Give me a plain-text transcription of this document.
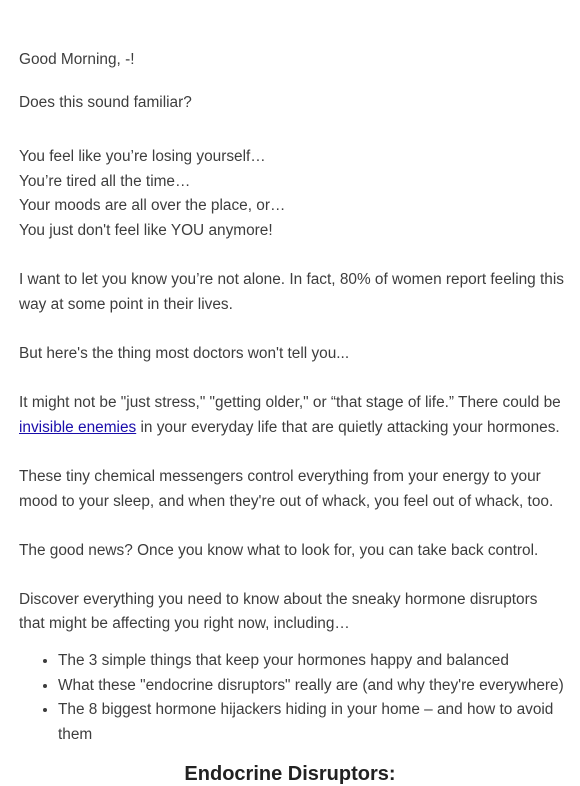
Good Morning, -!

Does this sound familiar?

You feel like you’re losing yourself…
You’re tired all the time…
Your moods are all over the place, or…
You just don't feel like YOU anymore!

I want to let you know you’re not alone. In fact, 80% of women report feeling this way at some point in their lives.

But here's the thing most doctors won't tell you...

It might not be "just stress," "getting older," or “that stage of life.” There could be invisible enemies in your everyday life that are quietly attacking your hormones.

These tiny chemical messengers control everything from your energy to your mood to your sleep, and when they're out of whack, you feel out of whack, too.

The good news? Once you know what to look for, you can take back control.

Discover everything you need to know about the sneaky hormone disruptors that might be affecting you right now, including…

• The 3 simple things that keep your hormones happy and balanced
• What these "endocrine disruptors" really are (and why they're everywhere)
• The 8 biggest hormone hijackers hiding in your home – and how to avoid them
Endocrine Disruptors:
